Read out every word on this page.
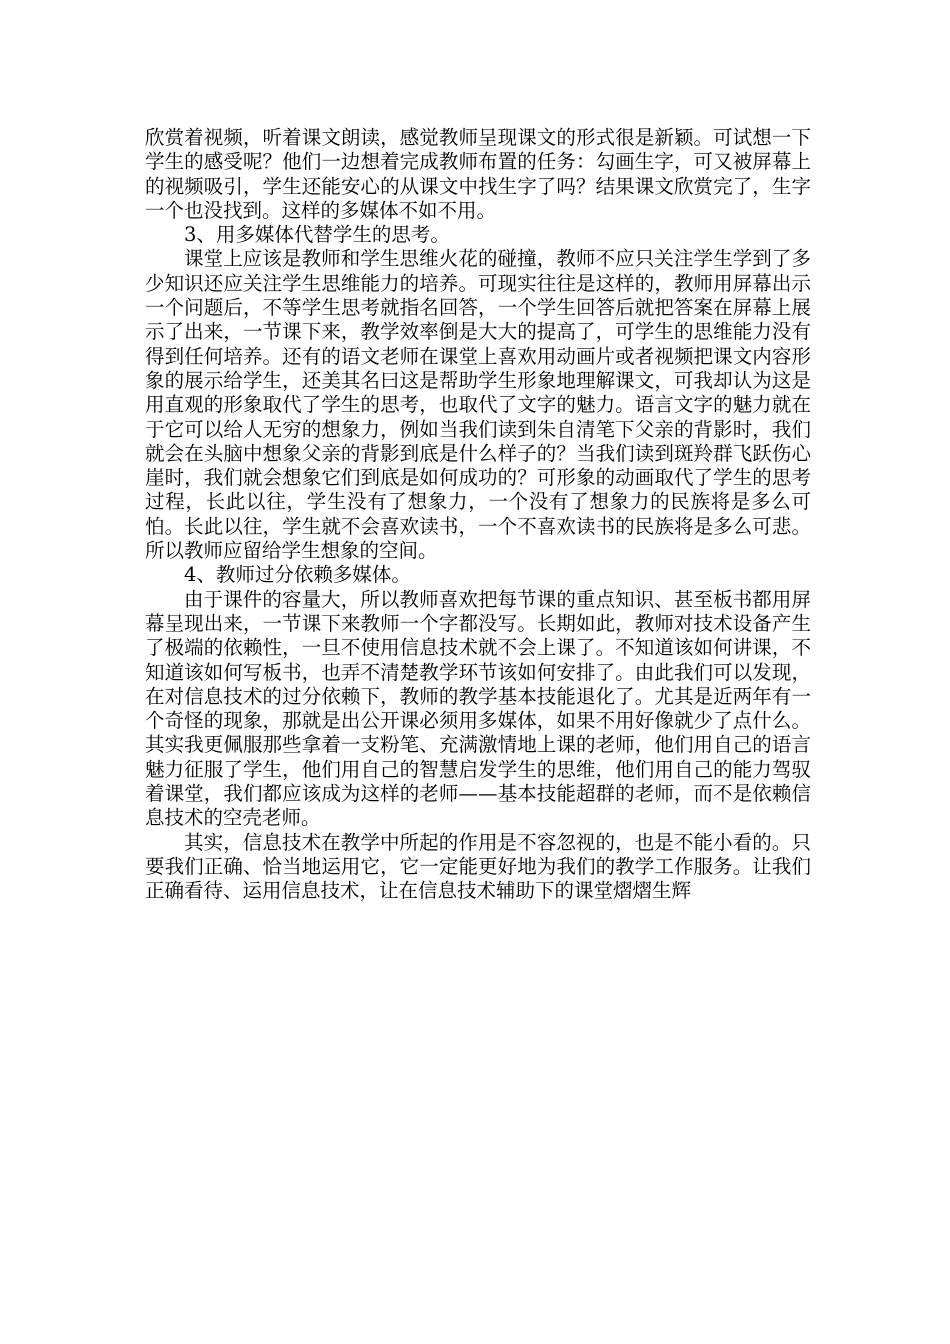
欣赏着视频，听着课文朗读，感觉教师呈现课文的形式很是新颖。可试想一下学生的感受呢？他们一边想着完成教师布置的任务：勾画生字，可又被屏幕上的视频吸引，学生还能安心的从课文中找生字了吗？结果课文欣赏完了，生字一个也没找到。这样的多媒体不如不用。

3、用多媒体代替学生的思考。

课堂上应该是教师和学生思维火花的碰撞，教师不应只关注学生学到了多少知识还应关注学生思维能力的培养。可现实往往是这样的，教师用屏幕出示一个问题后，不等学生思考就指名回答，一个学生回答后就把答案在屏幕上展示了出来，一节课下来，教学效率倒是大大的提高了，可学生的思维能力没有得到任何培养。还有的语文老师在课堂上喜欢用动画片或者视频把课文内容形象的展示给学生，还美其名曰这是帮助学生形象地理解课文，可我却认为这是用直观的形象取代了学生的思考，也取代了文字的魅力。语言文字的魅力就在于它可以给人无穷的想象力，例如当我们读到朱自清笔下父亲的背影时，我们就会在头脑中想象父亲的背影到底是什么样子的？当我们读到斑羚群飞跃伤心崖时，我们就会想象它们到底是如何成功的？可形象的动画取代了学生的思考过程，长此以往，学生没有了想象力，一个没有了想象力的民族将是多么可怕。长此以往，学生就不会喜欢读书，一个不喜欢读书的民族将是多么可悲。所以教师应留给学生想象的空间。

4、教师过分依赖多媒体。

由于课件的容量大，所以教师喜欢把每节课的重点知识、甚至板书都用屏幕呈现出来，一节课下来教师一个字都没写。长期如此，教师对技术设备产生了极端的依赖性，一旦不使用信息技术就不会上课了。不知道该如何讲课，不知道该如何写板书，也弄不清楚教学环节该如何安排了。由此我们可以发现，在对信息技术的过分依赖下，教师的教学基本技能退化了。尤其是近两年有一个奇怪的现象，那就是出公开课必须用多媒体，如果不用好像就少了点什么。其实我更佩服那些拿着一支粉笔、充满激情地上课的老师，他们用自己的语言魅力征服了学生，他们用自己的智慧启发学生的思维，他们用自己的能力驾驭着课堂，我们都应该成为这样的老师——基本技能超群的老师，而不是依赖信息技术的空壳老师。

其实，信息技术在教学中所起的作用是不容忽视的，也是不能小看的。只要我们正确、恰当地运用它，它一定能更好地为我们的教学工作服务。让我们正确看待、运用信息技术，让在信息技术辅助下的课堂熠熠生辉
